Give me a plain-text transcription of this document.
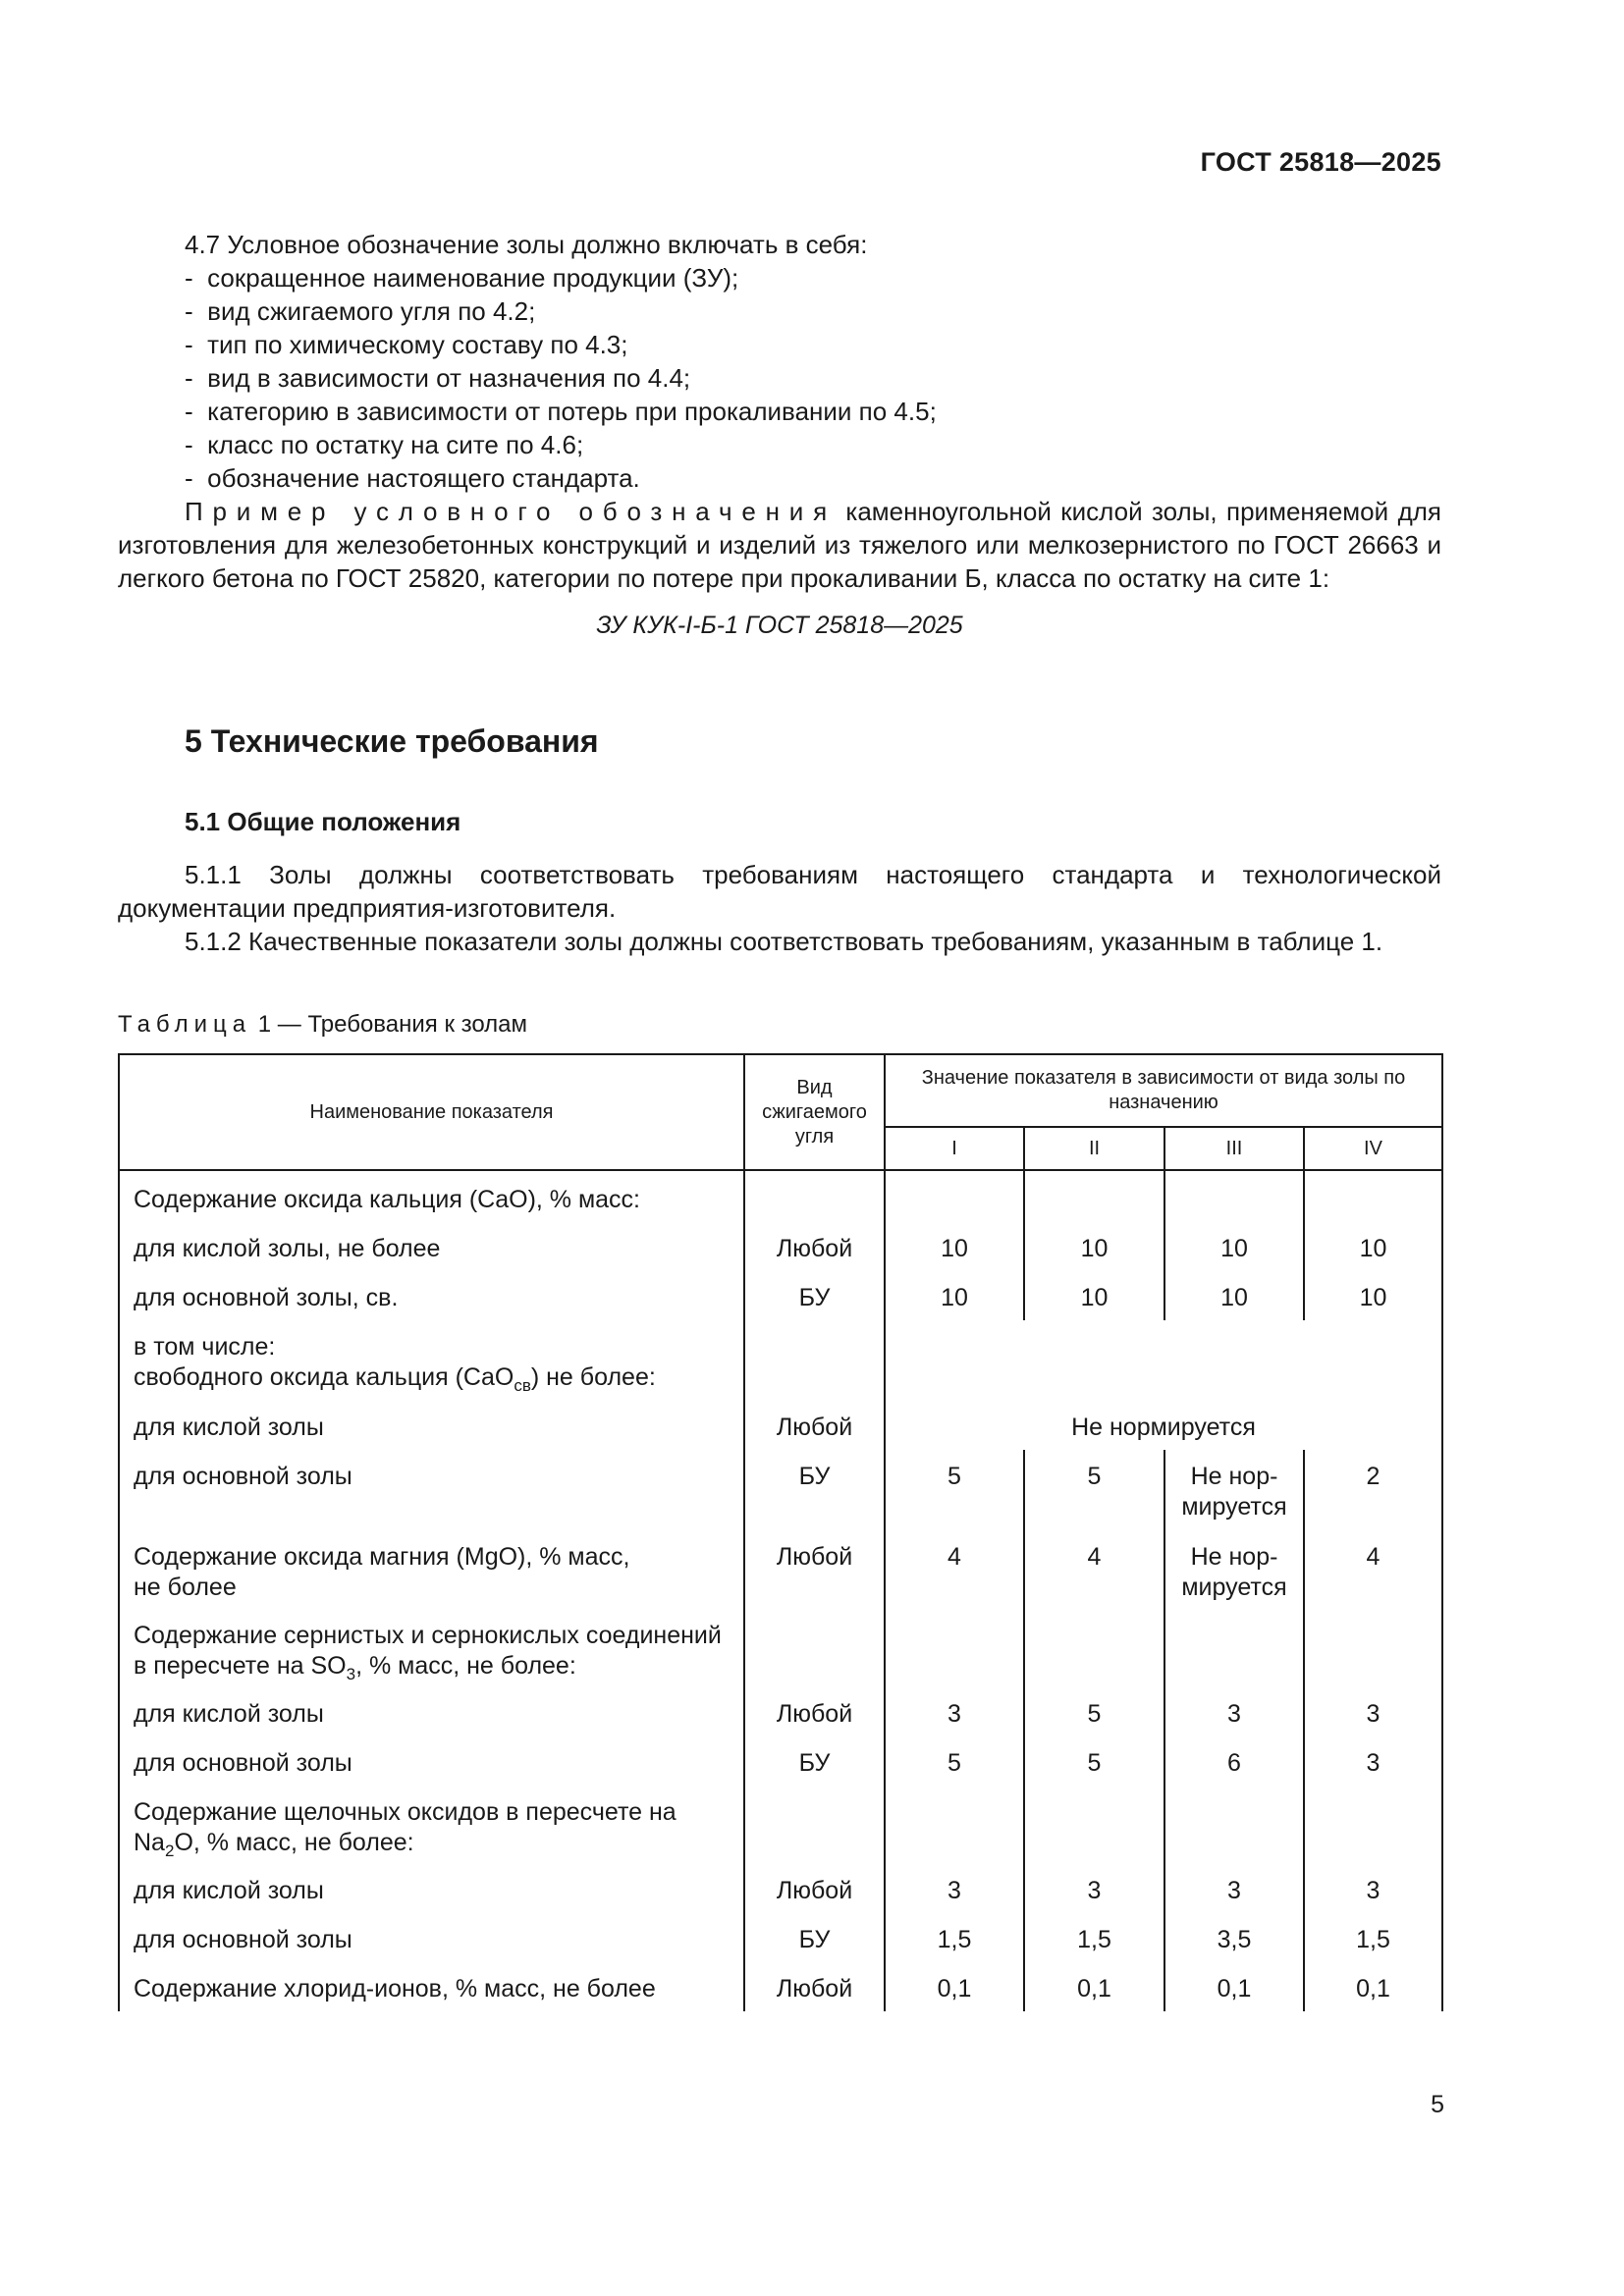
ГОСТ 25818—2025

4.7 Условное обозначение золы должно включать в себя:

- сокращенное наименование продукции (ЗУ);

- вид сжигаемого угля по 4.2;

- тип по химическому составу по 4.3;

- вид в зависимости от назначения по 4.4;

- категорию в зависимости от потерь при прокаливании по 4.5;

- класс по остатку на сите по 4.6;

- обозначение настоящего стандарта.

Пример условного обозначения каменноугольной кислой золы, применяемой для изготовления для железобетонных конструкций и изделий из тяжелого или мелкозернистого по ГОСТ 26663 и легкого бетона по ГОСТ 25820, категории по потере при прокаливании Б, класса по остатку на сите 1:

ЗУ КУК-I-Б-1 ГОСТ 25818—2025

5 Технические требования
5.1 Общие положения

5.1.1 Золы должны соответствовать требованиям настоящего стандарта и технологической документации предприятия-изготовителя.

5.1.2 Качественные показатели золы должны соответствовать требованиям, указанным в таблице 1.

Таблица 1 — Требования к золам
Наименование показателя	Вид сжигаемого угля	Значение показателя в зависимости от вида золы по назначению			
		I	II	III	IV
Содержание оксида кальция (CaO), % масс:					
для кислой золы, не более	Любой	10	10	10	10
для основной золы, св.	БУ	10	10	10	10
в том числе:
свободного оксида кальция (CaO$_{св}$) не более:					
для кислой золы	Любой	Не нормируется			
для основной золы	БУ	5	5	Не нор-мируется	2
Содержание оксида магния (MgO), % масс,
не более	Любой	4	4	Не нор-мируется	4
Содержание сернистых и сернокислых соединений
в пересчете на $SO_3$, % масс, не более:					
для кислой золы	Любой	3	5	3	3
для основной золы	БУ	5	5	6	3
Содержание щелочных оксидов в пересчете на
$Na_2O$, % масс, не более:					
для кислой золы	Любой	3	3	3	3
для основной золы	БУ	1,5	1,5	3,5	1,5
Содержание хлорид-ионов, % масс, не более	Любой	0,1	0,1	0,1	0,1
5
